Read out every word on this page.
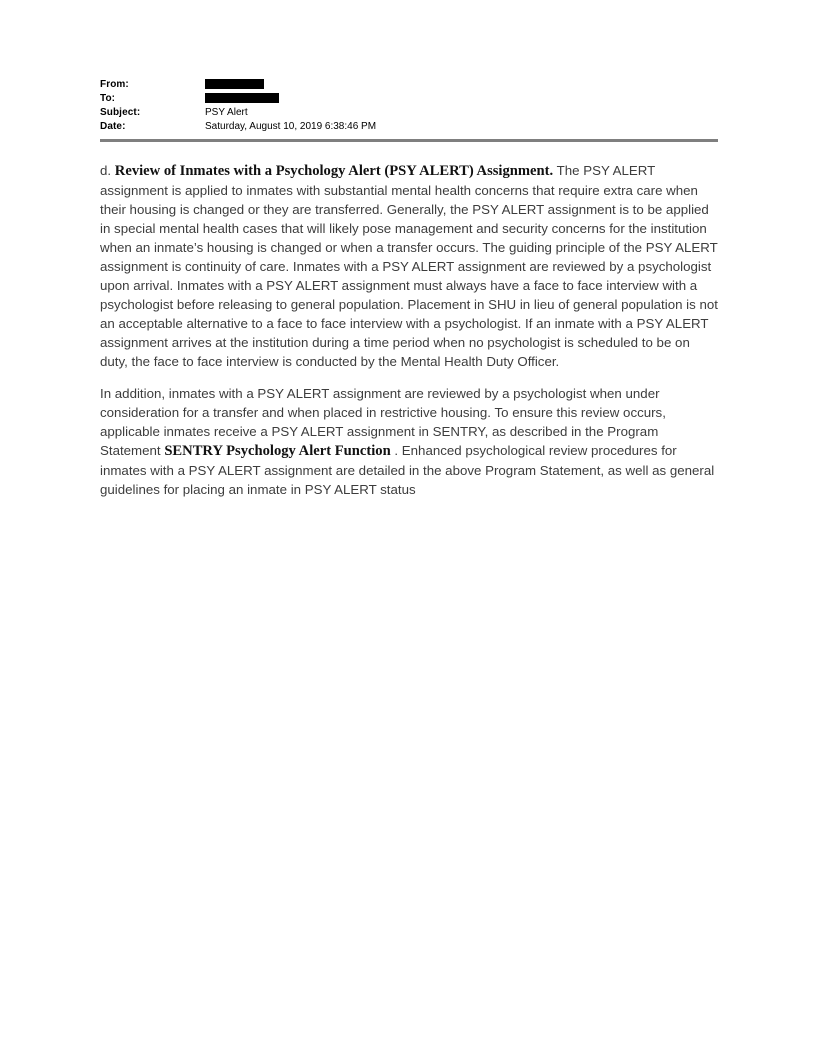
From:
To:
Subject:	PSY Alert
Date:	Saturday, August 10, 2019 6:38:46 PM

d. Review of Inmates with a Psychology Alert (PSY ALERT) Assignment. The PSY ALERT assignment is applied to inmates with substantial mental health concerns that require extra care when their housing is changed or they are transferred. Generally, the PSY ALERT assignment is to be applied in special mental health cases that will likely pose management and security concerns for the institution when an inmate’s housing is changed or when a transfer occurs. The guiding principle of the PSY ALERT assignment is continuity of care. Inmates with a PSY ALERT assignment are reviewed by a psychologist upon arrival. Inmates with a PSY ALERT assignment must always have a face to face interview with a psychologist before releasing to general population. Placement in SHU in lieu of general population is not an acceptable alternative to a face to face interview with a psychologist. If an inmate with a PSY ALERT assignment arrives at the institution during a time period when no psychologist is scheduled to be on duty, the face to face interview is conducted by the Mental Health Duty Officer.

In addition, inmates with a PSY ALERT assignment are reviewed by a psychologist when under consideration for a transfer and when placed in restrictive housing. To ensure this review occurs, applicable inmates receive a PSY ALERT assignment in SENTRY, as described in the Program Statement SENTRY Psychology Alert Function . Enhanced psychological review procedures for inmates with a PSY ALERT assignment are detailed in the above Program Statement, as well as general guidelines for placing an inmate in PSY ALERT status
